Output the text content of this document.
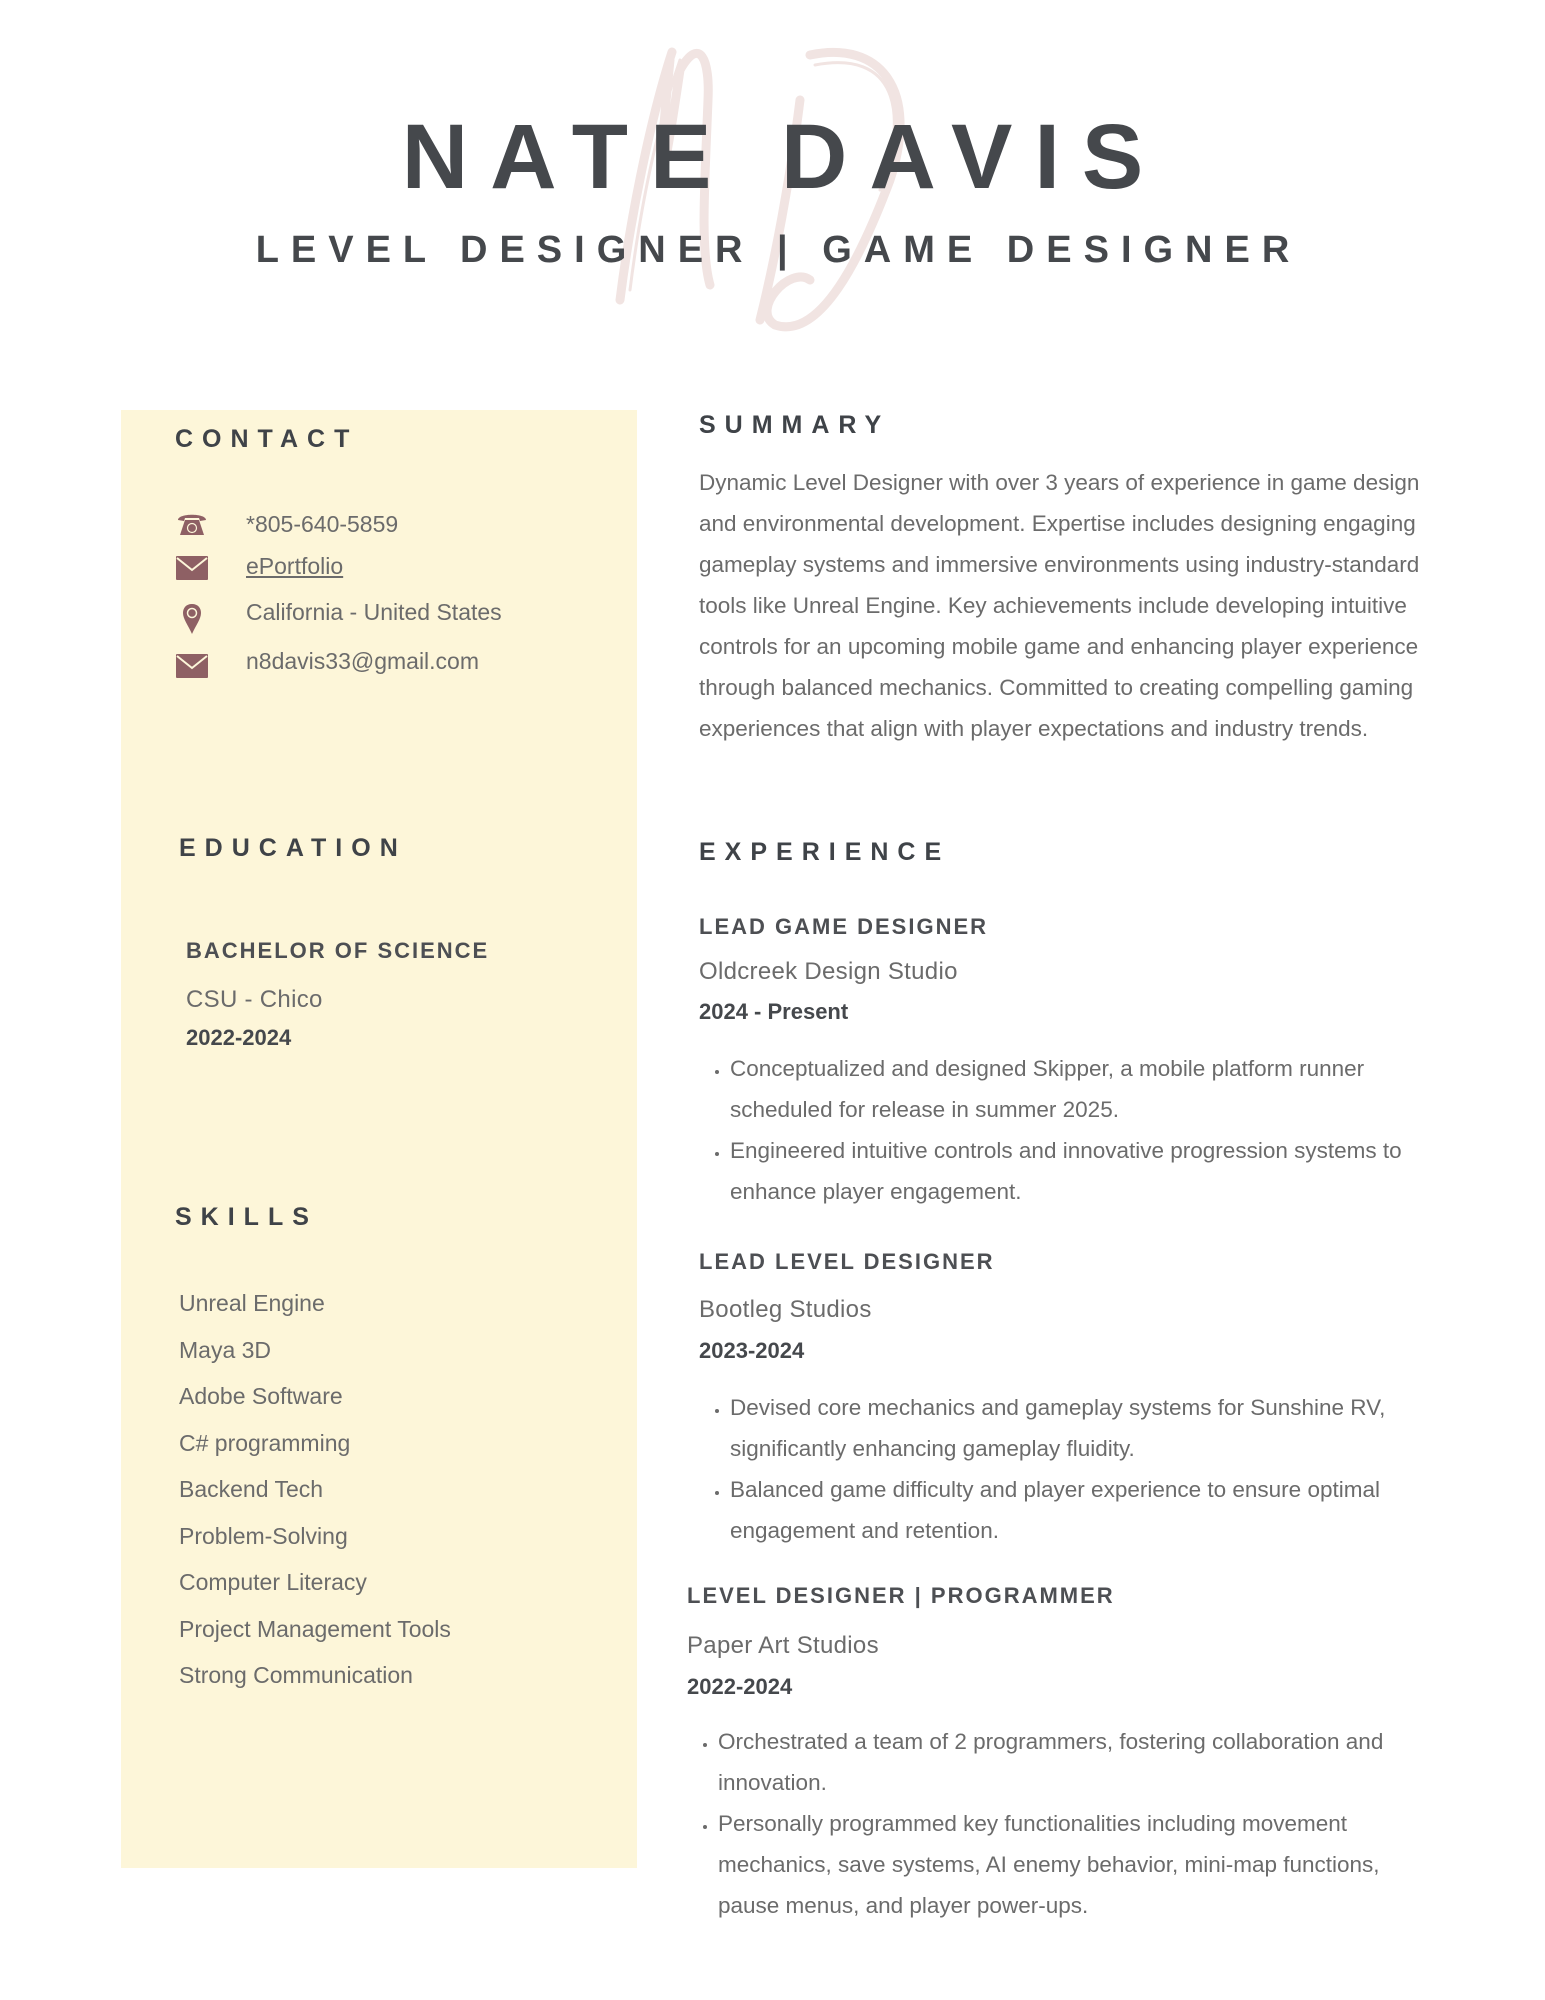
NATE DAVIS
LEVEL DESIGNER | GAME DESIGNER
CONTACT
*805-640-5859
ePortfolio
California - United States
n8davis33@gmail.com
EDUCATION
BACHELOR OF SCIENCE
CSU - Chico
2022-2024
SKILLS
Unreal Engine
Maya 3D
Adobe Software
C# programming
Backend Tech
Problem-Solving
Computer Literacy
Project Management Tools
Strong Communication
SUMMARY
Dynamic Level Designer with over 3 years of experience in game design and environmental development. Expertise includes designing engaging gameplay systems and immersive environments using industry-standard tools like Unreal Engine. Key achievements include developing intuitive controls for an upcoming mobile game and enhancing player experience through balanced mechanics. Committed to creating compelling gaming experiences that align with player expectations and industry trends.
EXPERIENCE
LEAD GAME DESIGNER
Oldcreek Design Studio
2024 - Present
• Conceptualized and designed Skipper, a mobile platform runner scheduled for release in summer 2025.
• Engineered intuitive controls and innovative progression systems to enhance player engagement.
LEAD LEVEL DESIGNER
Bootleg Studios
2023-2024
• Devised core mechanics and gameplay systems for Sunshine RV, significantly enhancing gameplay fluidity.
• Balanced game difficulty and player experience to ensure optimal engagement and retention.
LEVEL DESIGNER | PROGRAMMER
Paper Art Studios
2022-2024
• Orchestrated a team of 2 programmers, fostering collaboration and innovation.
• Personally programmed key functionalities including movement mechanics, save systems, AI enemy behavior, mini-map functions, pause menus, and player power-ups.
